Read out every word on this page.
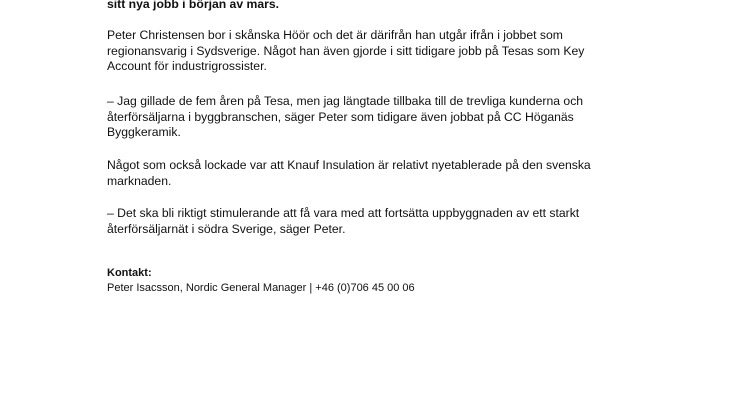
sitt nya jobb i början av mars.

Peter Christensen bor i skånska Höör och det är därifrån han utgår ifrån i jobbet som

regionansvarig i Sydsverige. Något han även gjorde i sitt tidigare jobb på Tesas som Key

Account för industrigrossister.

– Jag gillade de fem åren på Tesa, men jag längtade tillbaka till de trevliga kunderna och

återförsäljarna i byggbranschen, säger Peter som tidigare även jobbat på CC Höganäs

Byggkeramik.

Något som också lockade var att Knauf Insulation är relativt nyetablerade på den svenska

marknaden.

– Det ska bli riktigt stimulerande att få vara med att fortsätta uppbyggnaden av ett starkt

återförsäljarnät i södra Sverige, säger Peter.

Kontakt:

Peter Isacsson, Nordic General Manager | +46 (0)706 45 00 06
